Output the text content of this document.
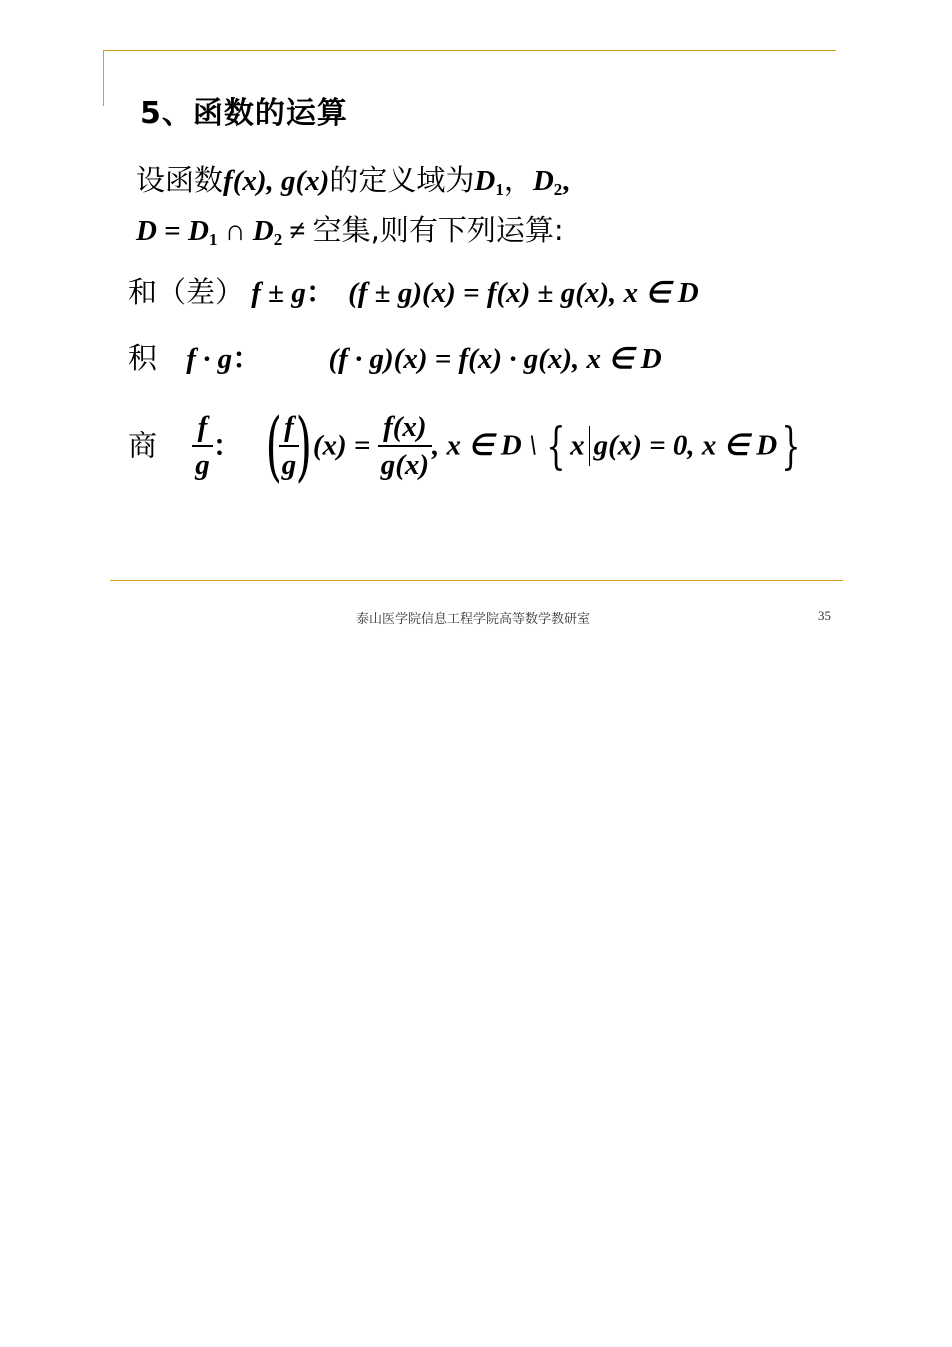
5、函数的运算
设函数f(x), g(x)的定义域为$D_1$，$D_2$,
$D = D_1$ ∩ $D_2$ ≠ 空集,则有下列运算:
和（差） f ± g： (f ± g)(x) = f(x) ± g(x), x ∈ D
积 f · g： (f · g)(x) = f(x) · g(x), x ∈ D
商 $\frac{f}{g}$ ： (
$\frac{f}{g}$
)$(x) = \frac{f(x)}{g(x)}$ , x ∈ D \ { x g(x) = 0, x ∈ D}
泰山医学院信息工程学院高等数学教研室	35
